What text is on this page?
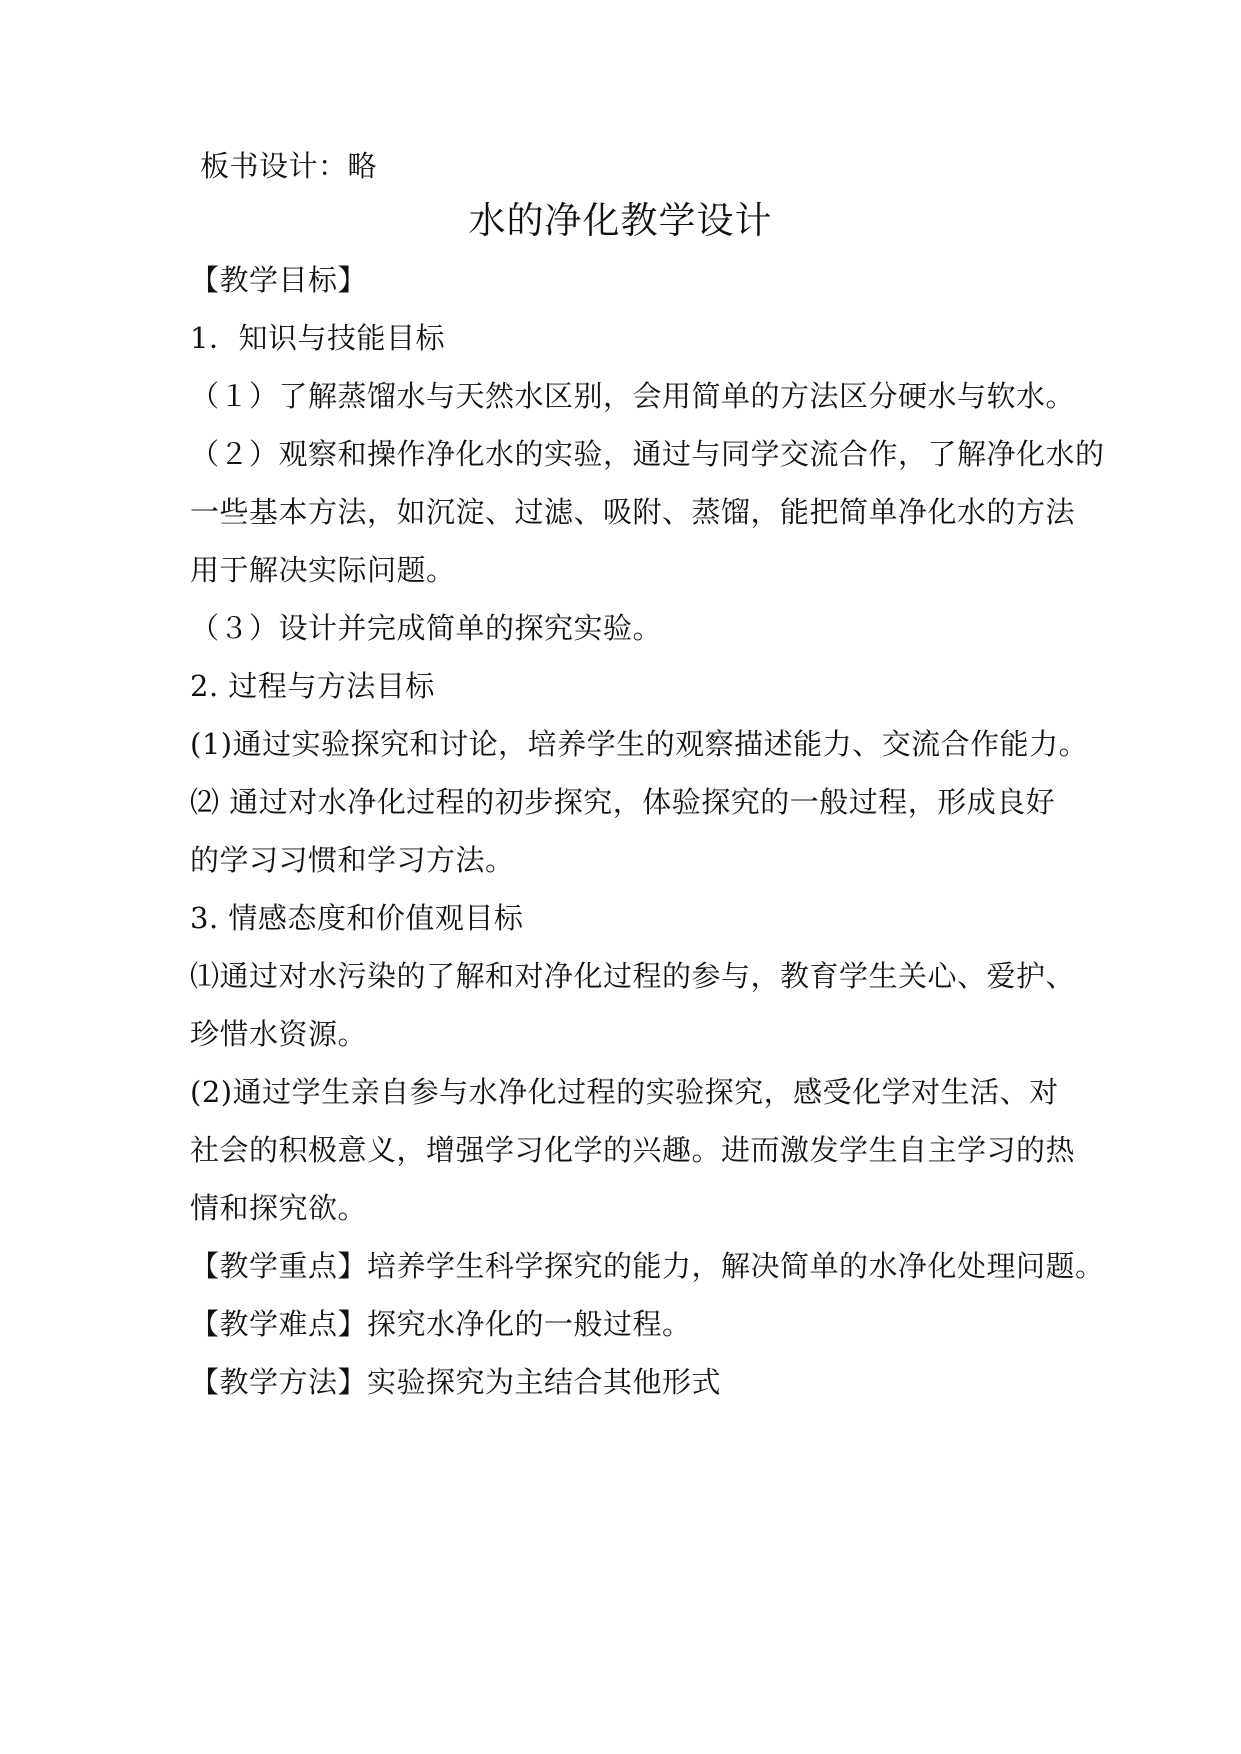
板书设计：略
水的净化教学设计
【教学目标】
1．知识与技能目标
（１）了解蒸馏水与天然水区别，会用简单的方法区分硬水与软水。
（２）观察和操作净化水的实验，通过与同学交流合作，了解净化水的
一些基本方法，如沉淀、过滤、吸附、蒸馏，能把简单净化水的方法
用于解决实际问题。
（３）设计并完成简单的探究实验。
2. 过程与方法目标
(1)通过实验探究和讨论，培养学生的观察描述能力、交流合作能力。
⑵ 通过对水净化过程的初步探究，体验探究的一般过程，形成良好
的学习习惯和学习方法。
3. 情感态度和价值观目标
⑴通过对水污染的了解和对净化过程的参与，教育学生关心、爱护、
珍惜水资源。
(2)通过学生亲自参与水净化过程的实验探究，感受化学对生活、对
社会的积极意义，增强学习化学的兴趣。进而激发学生自主学习的热
情和探究欲。
【教学重点】培养学生科学探究的能力，解决简单的水净化处理问题。
【教学难点】探究水净化的一般过程。
【教学方法】实验探究为主结合其他形式
